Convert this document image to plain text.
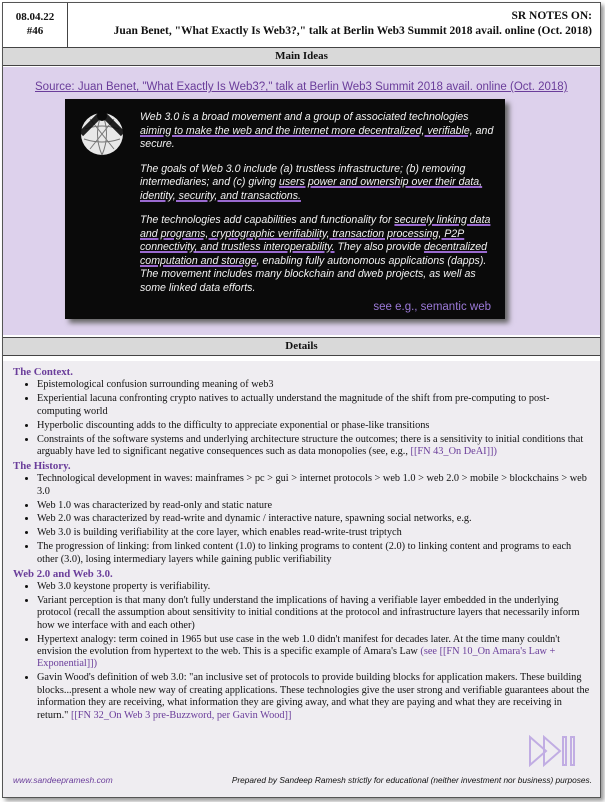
08.04.22
#46
SR NOTES ON:
Juan Benet, "What Exactly Is Web3?," talk at Berlin Web3 Summit 2018 avail. online (Oct. 2018)
Main Ideas
Source: Juan Benet, "What Exactly Is Web3?," talk at Berlin Web3 Summit 2018 avail. online (Oct. 2018)

Web 3.0 is a broad movement and a group of associated technologies aiming to make the web and the internet more decentralized, verifiable, and secure.

The goals of Web 3.0 include (a) trustless infrastructure; (b) removing intermediaries; and (c) giving users power and ownership over their data, identity, security, and transactions.

The technologies add capabilities and functionality for securely linking data and programs, cryptographic verifiability, transaction processing, P2P connectivity, and trustless interoperability. They also provide decentralized computation and storage, enabling fully autonomous applications (dapps). The movement includes many blockchain and dweb projects, as well as some linked data efforts.

see e.g., semantic web
Details
The Context.
• Epistemological confusion surrounding meaning of web3
• Experiential lacuna confronting crypto natives to actually understand the magnitude of the shift from pre-computing to post-computing world
• Hyperbolic discounting adds to the difficulty to appreciate exponential or phase-like transitions
• Constraints of the software systems and underlying architecture structure the outcomes; there is a sensitivity to initial conditions that arguably have led to significant negative consequences such as data monopolies (see, e.g., [[FN 43_On DeAI]])
The History.
• Technological development in waves: mainframes > pc > gui > internet protocols > web 1.0 > web 2.0 > mobile > blockchains > web 3.0
• Web 1.0 was characterized by read-only and static nature
• Web 2.0 was characterized by read-write and dynamic / interactive nature, spawning social networks, e.g.
• Web 3.0 is building verifiability at the core layer, which enables read-write-trust triptych
• The progression of linking: from linked content (1.0) to linking programs to content (2.0) to linking content and programs to each other (3.0), losing intermediary layers while gaining public verifiability
Web 2.0 and Web 3.0.
• Web 3.0 keystone property is verifiability.
• Variant perception is that many don't fully understand the implications of having a verifiable layer embedded in the underlying protocol (recall the assumption about sensitivity to initial conditions at the protocol and infrastructure layers that necessarily inform how we interface with and each other)
• Hypertext analogy: term coined in 1965 but use case in the web 1.0 didn't manifest for decades later. At the time many couldn't envision the evolution from hypertext to the web. This is a specific example of Amara's Law (see [[FN 10_On Amara's Law + Exponential]])
• Gavin Wood's definition of web 3.0: "an inclusive set of protocols to provide building blocks for application makers. These building blocks...present a whole new way of creating applications. These technologies give the user strong and verifiable guarantees about the information they are receiving, what information they are giving away, and what they are paying and what they are receiving in return." [[FN 32_On Web 3 pre-Buzzword, per Gavin Wood]]
www.sandeepramesh.com	Prepared by Sandeep Ramesh strictly for educational (neither investment nor business) purposes.
